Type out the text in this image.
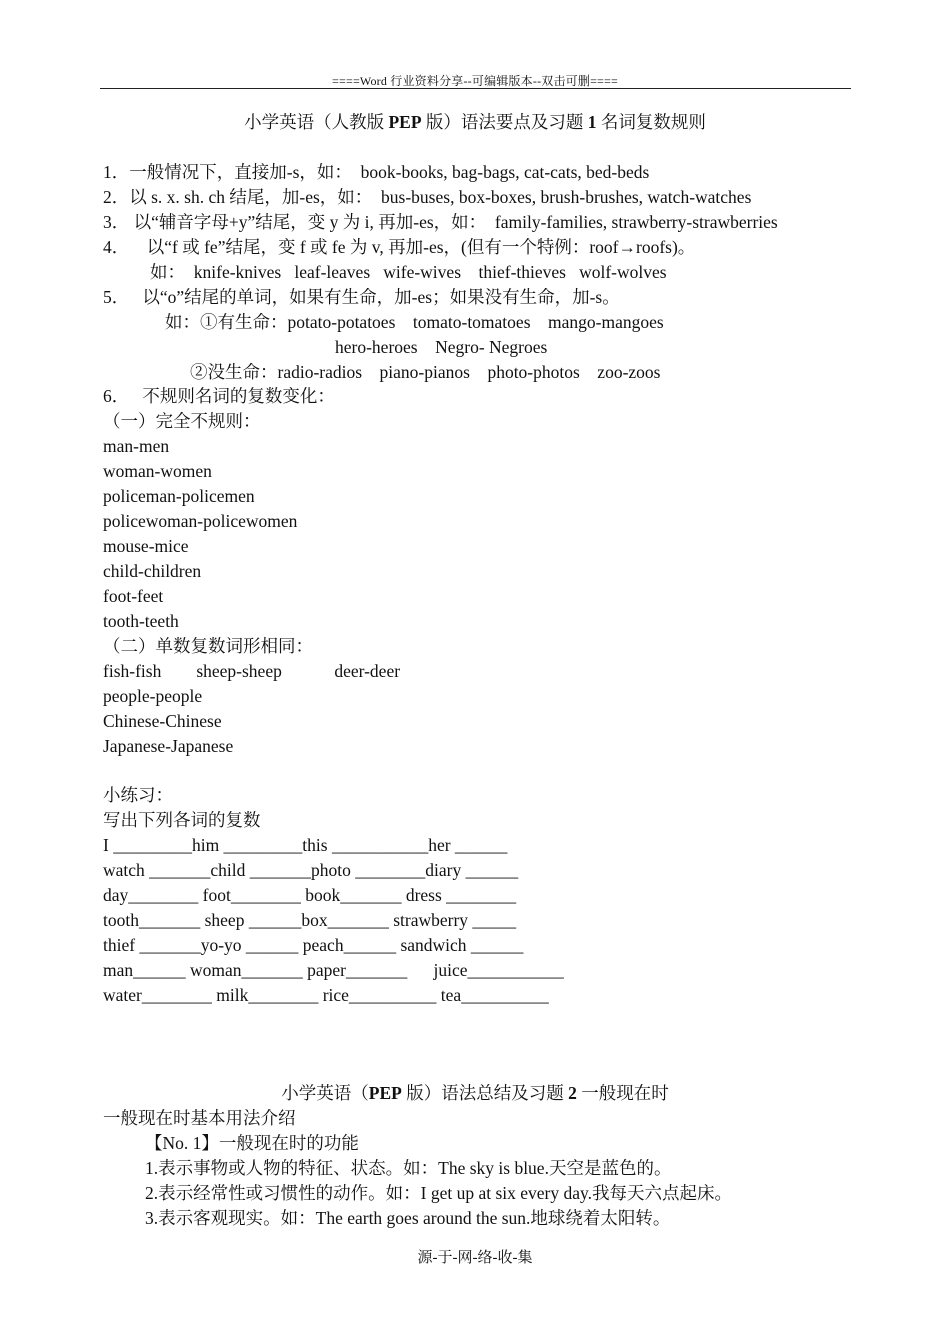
====Word 行业资料分享--可编辑版本--双击可删====
小学英语（人教版 PEP 版）语法要点及习题 1 名词复数规则
1．一般情况下，直接加-s，如：  book-books, bag-bags, cat-cats, bed-beds
2．以 s. x. sh. ch 结尾，加-es，如：  bus-buses, box-boxes, brush-brushes, watch-watches
3． 以“辅音字母+y”结尾，变 y 为 i, 再加-es，如：  family-families, strawberry-strawberries
4．    以“f 或 fe”结尾，变 f 或 fe 为 v, 再加-es，(但有一个特例：roof→roofs)。
如：  knife-knives   leaf-leaves   wife-wives    thief-thieves   wolf-wolves
5．   以“o”结尾的单词，如果有生命，加-es；如果没有生命，加-s。
如：①有生命：potato-potatoes    tomato-tomatoes    mango-mangoes
hero-heroes    Negro- Negroes
②没生命：radio-radios    piano-pianos    photo-photos    zoo-zoos
6．   不规则名词的复数变化：
（一）完全不规则：
man-men
woman-women
policeman-policemen
policewoman-policewomen
mouse-mice
child-children
foot-feet
tooth-teeth
（二）单数复数词形相同：
fish-fish        sheep-sheep            deer-deer
people-people
Chinese-Chinese
Japanese-Japanese
小练习：
写出下列各词的复数
I _________him _________this ___________her ______
watch _______child _______photo ________diary ______
day________ foot________ book_______ dress ________
tooth_______ sheep ______box_______ strawberry _____
thief _______yo-yo ______ peach______ sandwich ______
man______ woman_______ paper_______      juice___________
water________ milk________ rice__________ tea__________
小学英语（PEP 版）语法总结及习题 2 一般现在时
一般现在时基本用法介绍
【No. 1】一般现在时的功能
1.表示事物或人物的特征、状态。如：The sky is blue.天空是蓝色的。
2.表示经常性或习惯性的动作。如：I get up at six every day.我每天六点起床。
3.表示客观现实。如：The earth goes around the sun.地球绕着太阳转。
源-于-网-络-收-集
